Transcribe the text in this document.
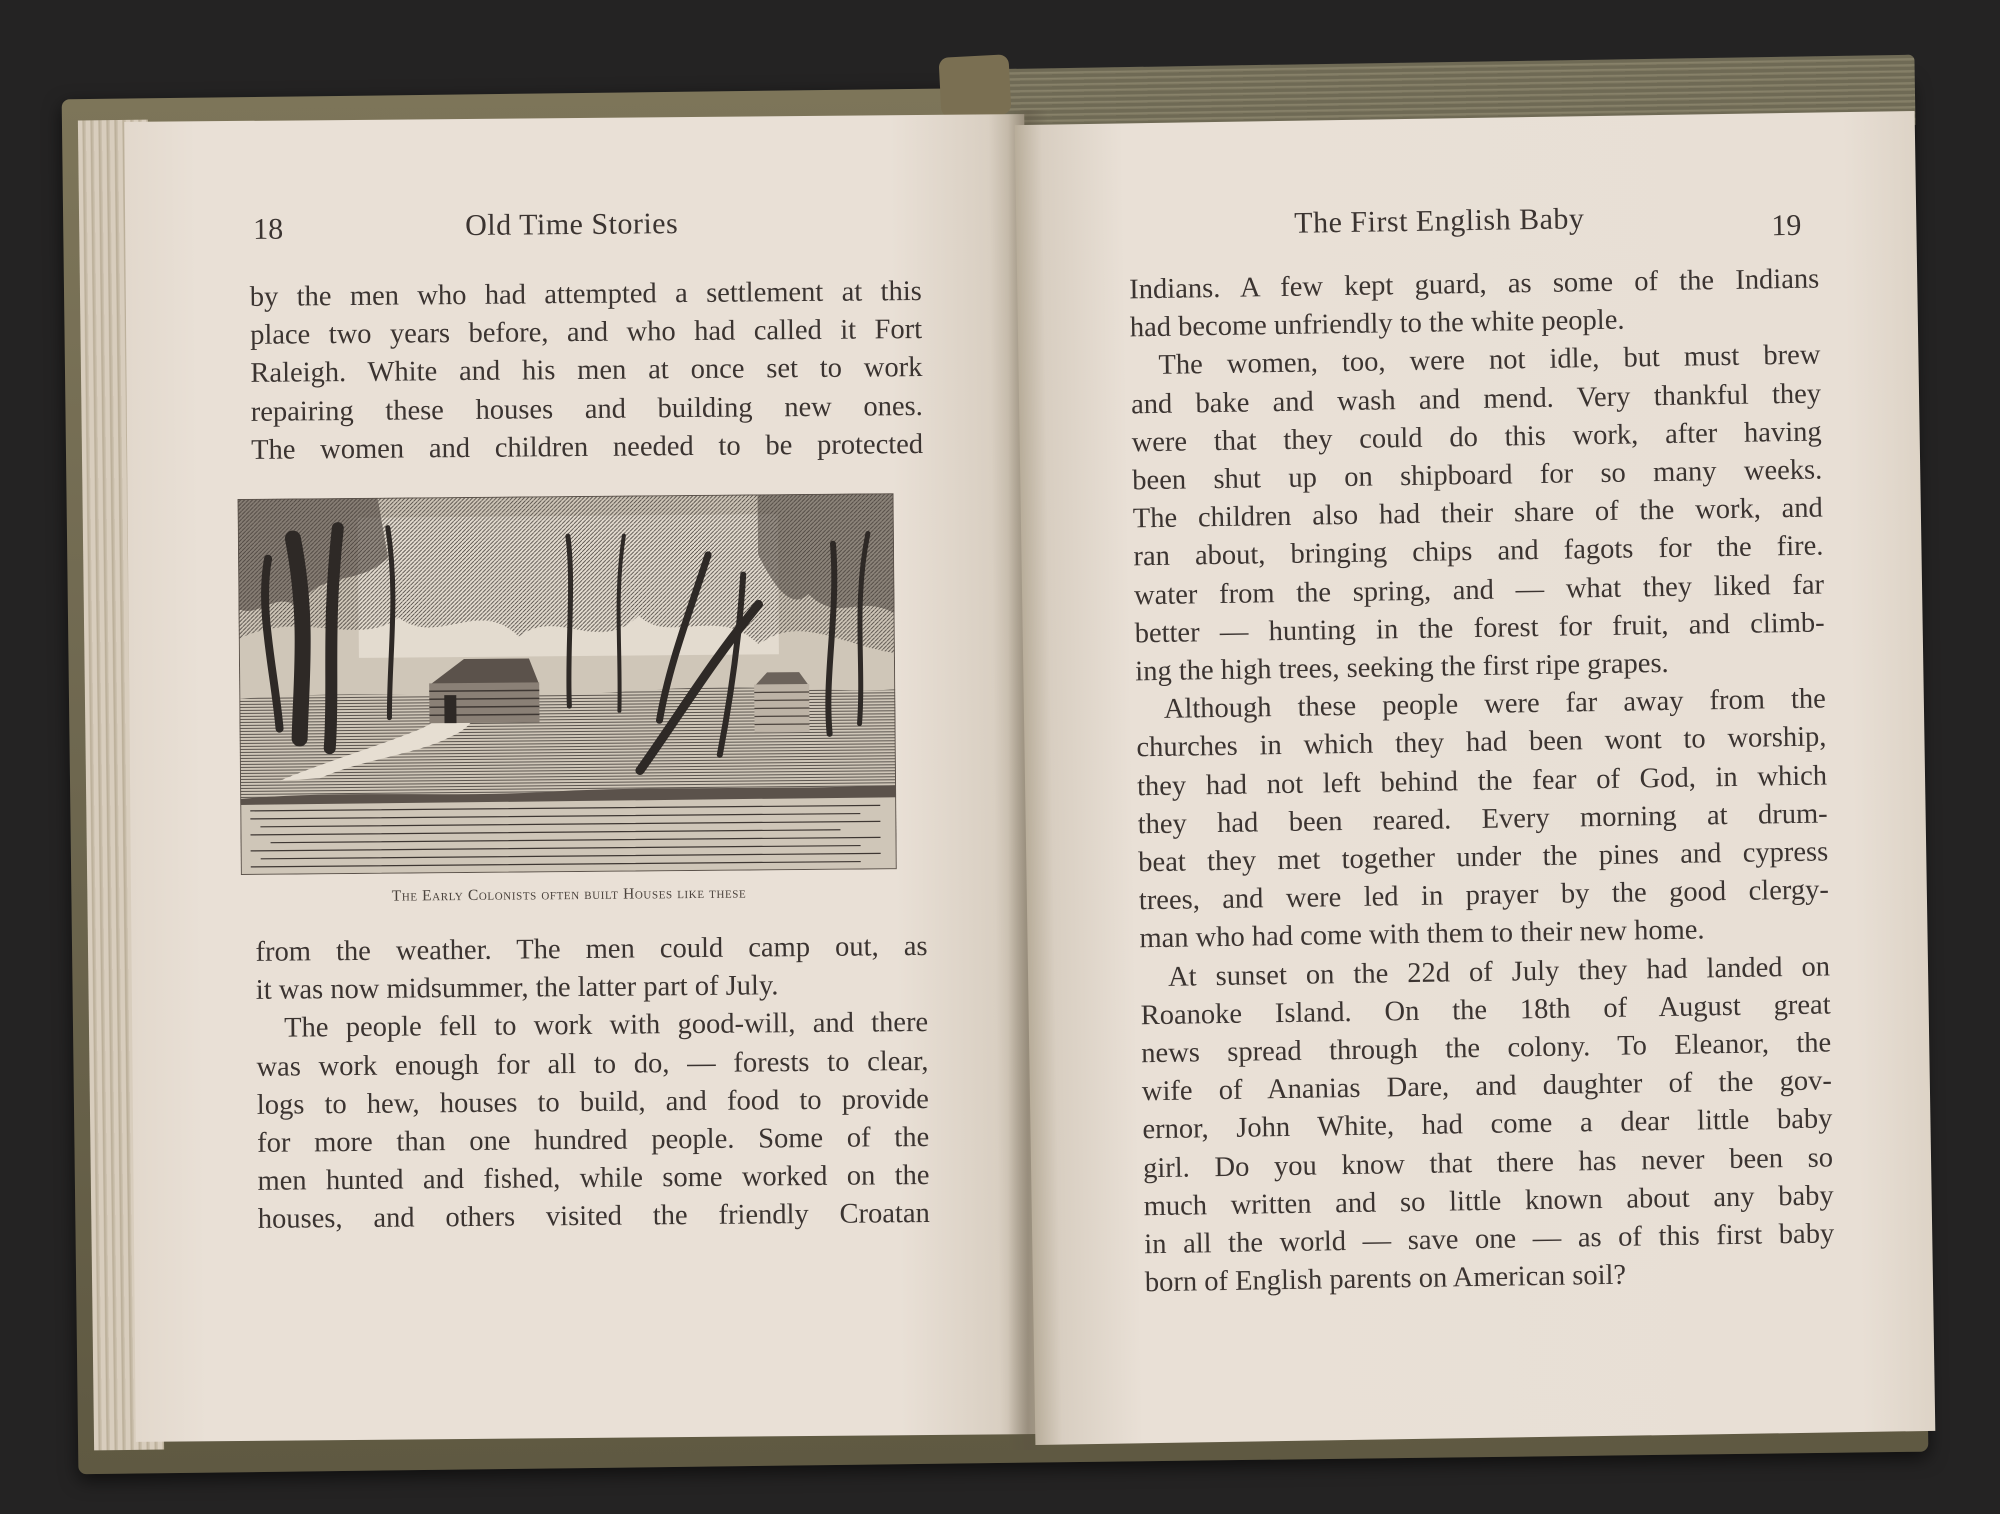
18	Old Time Stories
by the men who had attempted a settlement at this
place two years before, and who had called it Fort
Raleigh. White and his men at once set to work
repairing these houses and building new ones.
The women and children needed to be protected
The Early Colonists often built Houses like these
from the weather. The men could camp out, as
it was now midsummer, the latter part of July.
The people fell to work with good-will, and there
was work enough for all to do, — forests to clear,
logs to hew, houses to build, and food to provide
for more than one hundred people. Some of the
men hunted and fished, while some worked on the
houses, and others visited the friendly Croatan
The First English Baby	19
Indians. A few kept guard, as some of the Indians
had become unfriendly to the white people.
The women, too, were not idle, but must brew
and bake and wash and mend. Very thankful they
were that they could do this work, after having
been shut up on shipboard for so many weeks.
The children also had their share of the work, and
ran about, bringing chips and fagots for the fire.
water from the spring, and — what they liked far
better — hunting in the forest for fruit, and climb-
ing the high trees, seeking the first ripe grapes.
Although these people were far away from the
churches in which they had been wont to worship,
they had not left behind the fear of God, in which
they had been reared. Every morning at drum-
beat they met together under the pines and cypress
trees, and were led in prayer by the good clergy-
man who had come with them to their new home.
At sunset on the 22d of July they had landed on
Roanoke Island. On the 18th of August great
news spread through the colony. To Eleanor, the
wife of Ananias Dare, and daughter of the gov-
ernor, John White, had come a dear little baby
girl. Do you know that there has never been so
much written and so little known about any baby
in all the world — save one — as of this first baby
born of English parents on American soil?
